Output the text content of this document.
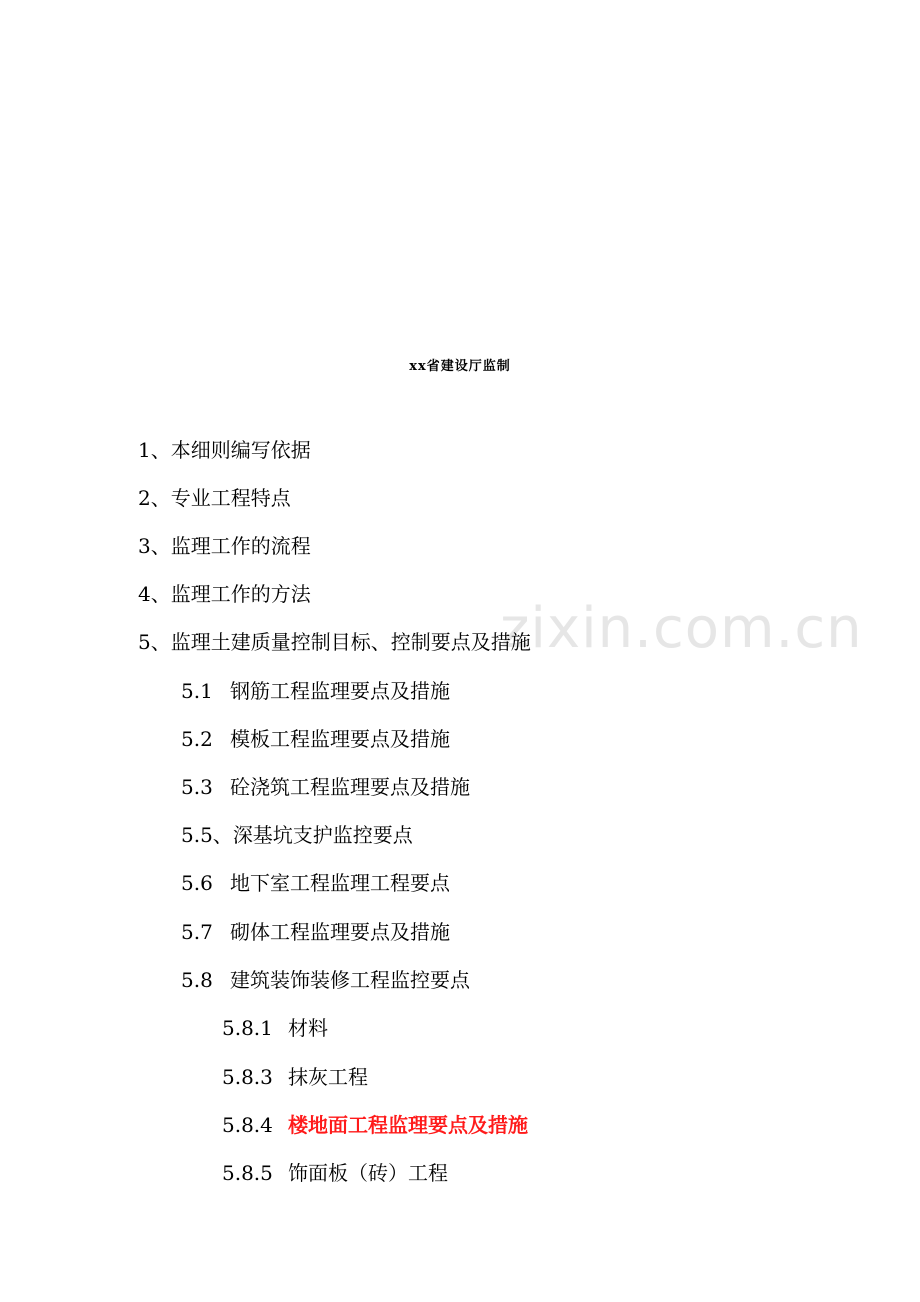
xx省建设厅监制
zixin.com.cn
1、本细则编写依据
2、专业工程特点
3、监理工作的流程
4、监理工作的方法
5、监理土建质量控制目标、控制要点及措施
5.1 钢筋工程监理要点及措施
5.2 模板工程监理要点及措施
5.3 砼浇筑工程监理要点及措施
5.5、深基坑支护监控要点
5.6 地下室工程监理工程要点
5.7 砌体工程监理要点及措施
5.8 建筑装饰装修工程监控要点
5.8.1 材料
5.8.3 抹灰工程
5.8.4 楼地面工程监理要点及措施
5.8.5 饰面板（砖）工程
